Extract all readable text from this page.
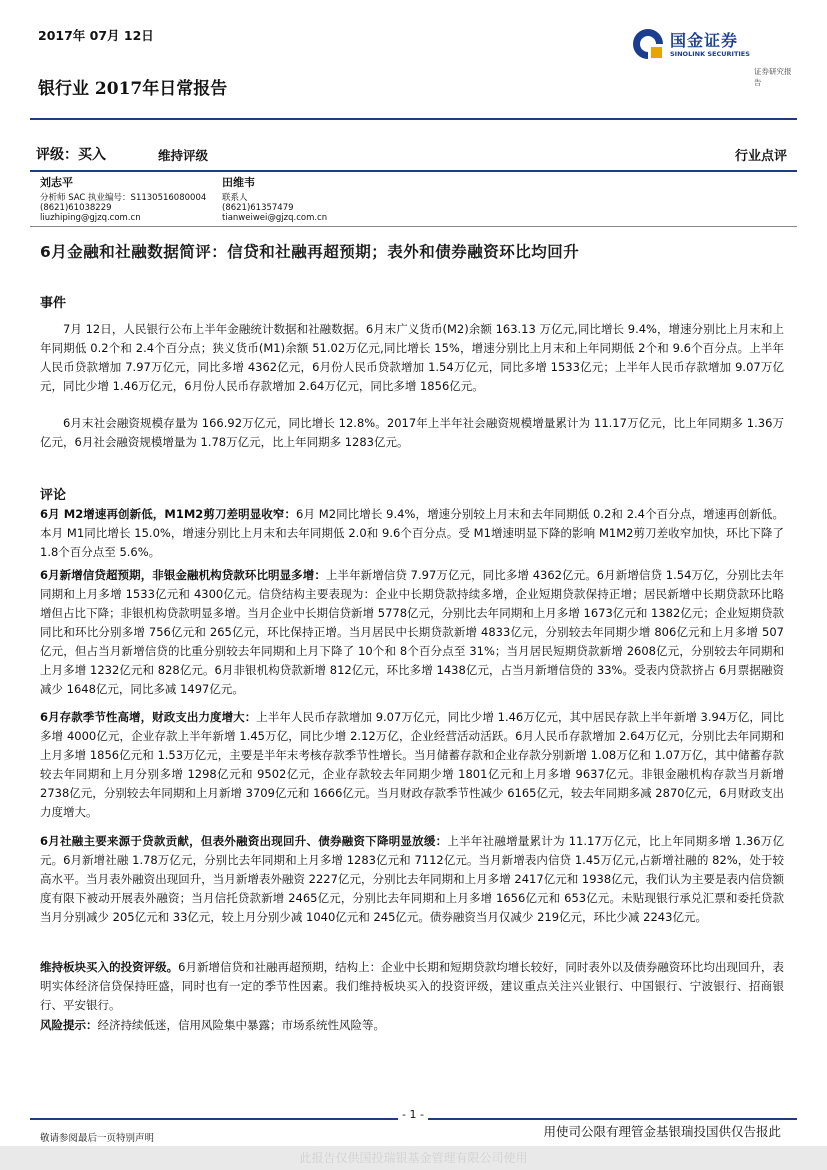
2017年 07月 12日
银行业 2017年日常报告
国金证券
SINOLINK SECURITIES
证券研究报告
评级：买入	维持评级	行业点评
刘志平
分析师 SAC 执业编号：S1130516080004
(8621)61038229
liuzhiping@gjzq.com.cn
田维韦
联系人
(8621)61357479
tianweiwei@gjzq.com.cn
6月金融和社融数据简评：信贷和社融再超预期；表外和债券融资环比均回升
事件
7月 12日，人民银行公布上半年金融统计数据和社融数据。6月末广义货币(M2)余额 163.13 万亿元,同比增长 9.4%，增速分别比上月末和上年同期低 0.2个和 2.4个百分点；狭义货币(M1)余额 51.02万亿元,同比增长 15%，增速分别比上月末和上年同期低 2个和 9.6个百分点。上半年人民币贷款增加 7.97万亿元，同比多增 4362亿元，6月份人民币贷款增加 1.54万亿元，同比多增 1533亿元；上半年人民币存款增加 9.07万亿元，同比少增 1.46万亿元，6月份人民币存款增加 2.64万亿元，同比多增 1856亿元。
6月末社会融资规模存量为 166.92万亿元，同比增长 12.8%。2017年上半年社会融资规模增量累计为 11.17万亿元，比上年同期多 1.36万亿元，6月社会融资规模增量为 1.78万亿元，比上年同期多 1283亿元。
评论
6月 M2增速再创新低，M1M2剪刀差明显收窄：6月 M2同比增长 9.4%，增速分别较上月末和去年同期低 0.2和 2.4个百分点，增速再创新低。本月 M1同比增长 15.0%，增速分别比上月末和去年同期低 2.0和 9.6个百分点。受 M1增速明显下降的影响 M1M2剪刀差收窄加快，环比下降了 1.8个百分点至 5.6%。
6月新增信贷超预期，非银金融机构贷款环比明显多增：上半年新增信贷 7.97万亿元，同比多增 4362亿元。6月新增信贷 1.54万亿，分别比去年同期和上月多增 1533亿元和 4300亿元。信贷结构主要表现为：企业中长期贷款持续多增，企业短期贷款保持正增；居民新增中长期贷款环比略增但占比下降；非银机构贷款明显多增。当月企业中长期信贷新增 5778亿元，分别比去年同期和上月多增 1673亿元和 1382亿元；企业短期贷款同比和环比分别多增 756亿元和 265亿元，环比保持正增。当月居民中长期贷款新增 4833亿元，分别较去年同期少增 806亿元和上月多增 507亿元，但占当月新增信贷的比重分别较去年同期和上月下降了 10个和 8个百分点至 31%；当月居民短期贷款新增 2608亿元，分别较去年同期和上月多增 1232亿元和 828亿元。6月非银机构贷款新增 812亿元，环比多增 1438亿元，占当月新增信贷的 33%。受表内贷款挤占 6月票据融资减少 1648亿元，同比多减 1497亿元。
6月存款季节性高增，财政支出力度增大：上半年人民币存款增加 9.07万亿元，同比少增 1.46万亿元，其中居民存款上半年新增 3.94万亿，同比多增 4000亿元，企业存款上半年新增 1.45万亿，同比少增 2.12万亿，企业经营活动活跃。6月人民币存款增加 2.64万亿元，分别比去年同期和上月多增 1856亿元和 1.53万亿元，主要是半年末考核存款季节性增长。当月储蓄存款和企业存款分别新增 1.08万亿和 1.07万亿，其中储蓄存款较去年同期和上月分别多增 1298亿元和 9502亿元，企业存款较去年同期少增 1801亿元和上月多增 9637亿元。非银金融机构存款当月新增 2738亿元，分别较去年同期和上月新增 3709亿元和 1666亿元。当月财政存款季节性减少 6165亿元，较去年同期多减 2870亿元，6月财政支出力度增大。
6月社融主要来源于贷款贡献，但表外融资出现回升、债券融资下降明显放缓：上半年社融增量累计为 11.17万亿元，比上年同期多增 1.36万亿元。6月新增社融 1.78万亿元，分别比去年同期和上月多增 1283亿元和 7112亿元。当月新增表内信贷 1.45万亿元,占新增社融的 82%，处于较高水平。当月表外融资出现回升，当月新增表外融资 2227亿元，分别比去年同期和上月多增 2417亿元和 1938亿元，我们认为主要是表内信贷额度有限下被动开展表外融资；当月信托贷款新增 2465亿元，分别比去年同期和上月多增 1656亿元和 653亿元。未贴现银行承兑汇票和委托贷款当月分别减少 205亿元和 33亿元，较上月分别少减 1040亿元和 245亿元。债券融资当月仅减少 219亿元，环比少减 2243亿元。
维持板块买入的投资评级。6月新增信贷和社融再超预期，结构上：企业中长期和短期贷款均增长较好，同时表外以及债券融资环比均出现回升，表明实体经济信贷保持旺盛，同时也有一定的季节性因素。我们维持板块买入的投资评级，建议重点关注兴业银行、中国银行、宁波银行、招商银行、平安银行。
风险提示：经济持续低迷，信用风险集中暴露；市场系统性风险等。
- 1 -
敬请参阅最后一页特别声明	用使司公限有理管金基银瑞投国供仅告报此
此报告仅供国投瑞银基金管理有限公司使用
